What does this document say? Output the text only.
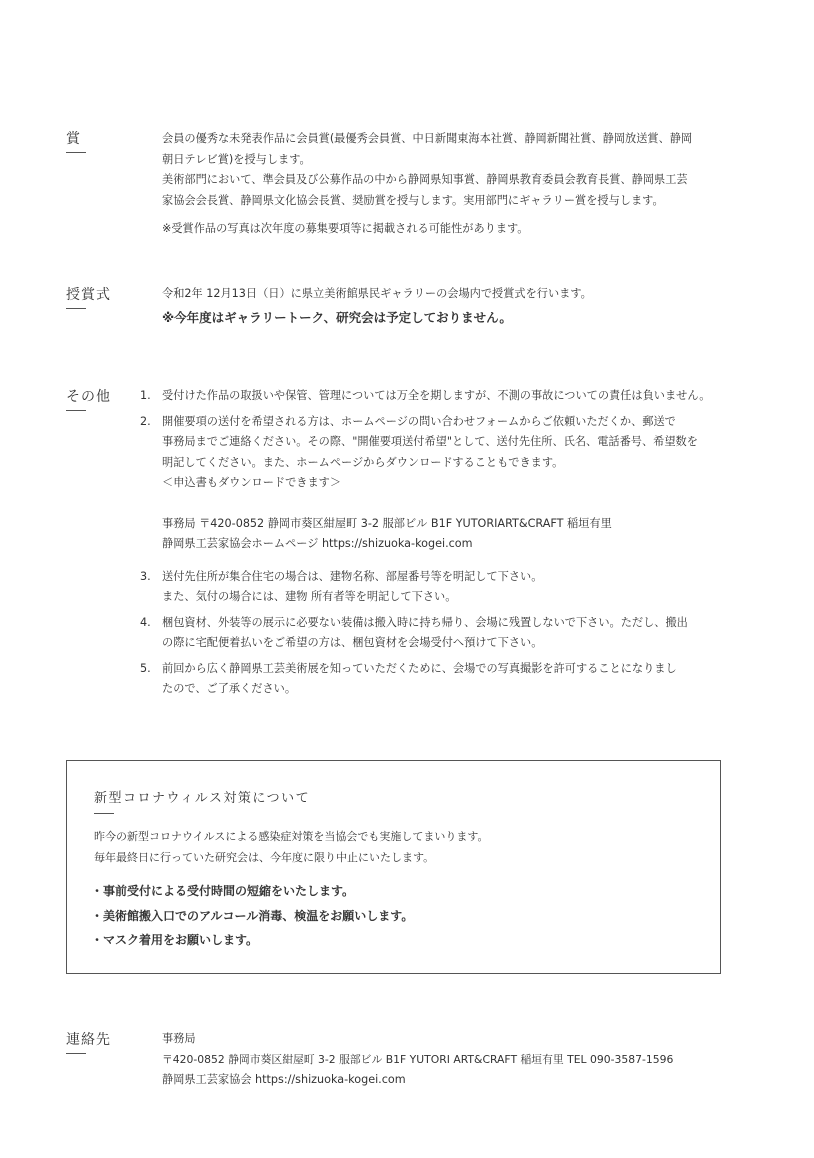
賞	会員の優秀な未発表作品に会員賞(最優秀会員賞、中日新聞東海本社賞、静岡新聞社賞、静岡放送賞、静岡

朝日テレビ賞)を授与します。

美術部門において、準会員及び公募作品の中から静岡県知事賞、静岡県教育委員会教育長賞、静岡県工芸

家協会会長賞、静岡県文化協会長賞、奨励賞を授与します。実用部門にギャラリー賞を授与します。

※受賞作品の写真は次年度の募集要項等に掲載される可能性があります。

授賞式	令和2年 12月13日（日）に県立美術館県民ギャラリーの会場内で授賞式を行います。

※今年度はギャラリートーク、研究会は予定しておりません。

その他	1.	受付けた作品の取扱いや保管、管理については万全を期しますが、不測の事故についての責任は負いません。

2.	開催要項の送付を希望される方は、ホームページの問い合わせフォームからご依頼いただくか、郵送で

事務局までご連絡ください。その際、"開催要項送付希望"として、送付先住所、氏名、電話番号、希望数を

明記してください。また、ホームページからダウンロードすることもできます。

＜申込書もダウンロードできます＞

事務局 〒420-0852 静岡市葵区紺屋町 3-2 服部ビル B1F YUTORIART&CRAFT 稲垣有里

静岡県工芸家協会ホームページ https://shizuoka-kogei.com

3.	送付先住所が集合住宅の場合は、建物名称、部屋番号等を明記して下さい。

また、気付の場合には、建物 所有者等を明記して下さい。

4.	梱包資材、外装等の展示に必要ない装備は搬入時に持ち帰り、会場に残置しないで下さい。ただし、搬出

の際に宅配便着払いをご希望の方は、梱包資材を会場受付へ預けて下さい。

5.	前回から広く静岡県工芸美術展を知っていただくために、会場での写真撮影を許可することになりまし

たので、ご了承ください。

新型コロナウィルス対策について

昨今の新型コロナウイルスによる感染症対策を当協会でも実施してまいります。

毎年最終日に行っていた研究会は、今年度に限り中止にいたします。

・事前受付による受付時間の短縮をいたします。

・美術館搬入口でのアルコール消毒、検温をお願いします。

・マスク着用をお願いします。

連絡先	事務局

〒420-0852 静岡市葵区紺屋町 3-2 服部ビル B1F YUTORI ART&CRAFT 稲垣有里 TEL 090-3587-1596

静岡県工芸家協会 https://shizuoka-kogei.com
